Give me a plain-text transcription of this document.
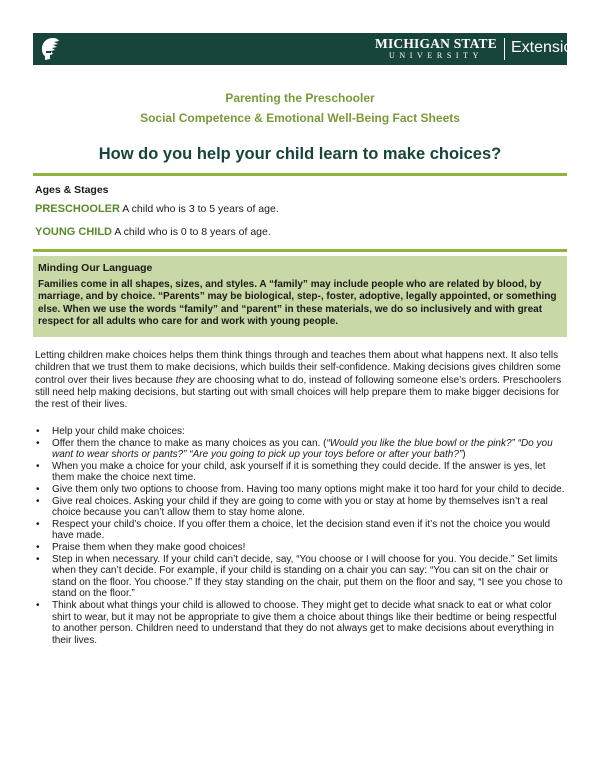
MICHIGAN STATE
UNIVERSITY	Extension
Parenting the Preschooler
Social Competence & Emotional Well-Being Fact Sheets
How do you help your child learn to make choices?
Ages & Stages
PRESCHOOLER A child who is 3 to 5 years of age.
YOUNG CHILD A child who is 0 to 8 years of age.
Minding Our Language
Families come in all shapes, sizes, and styles. A “family” may include people who are related by blood, by marriage, and by choice. “Parents” may be biological, step-, foster, adoptive, legally appointed, or something else. When we use the words “family” and “parent” in these materials, we do so inclusively and with great respect for all adults who care for and work with young people.
Letting children make choices helps them think things through and teaches them about what happens next. It also tells children that we trust them to make decisions, which builds their self-confidence. Making decisions gives children some control over their lives because they are choosing what to do, instead of following someone else’s orders. Preschoolers still need help making decisions, but starting out with small choices will help prepare them to make bigger decisions for the rest of their lives.
• Help your child make choices:
• Offer them the chance to make as many choices as you can. (“Would you like the blue bowl or the pink?” “Do you want to wear shorts or pants?” “Are you going to pick up your toys before or after your bath?”)
• When you make a choice for your child, ask yourself if it is something they could decide. If the answer is yes, let them make the choice next time.
• Give them only two options to choose from. Having too many options might make it too hard for your child to decide.
• Give real choices. Asking your child if they are going to come with you or stay at home by themselves isn’t a real choice because you can’t allow them to stay home alone.
• Respect your child’s choice. If you offer them a choice, let the decision stand even if it’s not the choice you would have made.
• Praise them when they make good choices!
• Step in when necessary. If your child can’t decide, say, “You choose or I will choose for you. You decide.” Set limits when they can’t decide. For example, if your child is standing on a chair you can say: “You can sit on the chair or stand on the floor. You choose.” If they stay standing on the chair, put them on the floor and say, “I see you chose to stand on the floor.”
• Think about what things your child is allowed to choose. They might get to decide what snack to eat or what color shirt to wear, but it may not be appropriate to give them a choice about things like their bedtime or being respectful to another person. Children need to understand that they do not always get to make decisions about everything in their lives.
